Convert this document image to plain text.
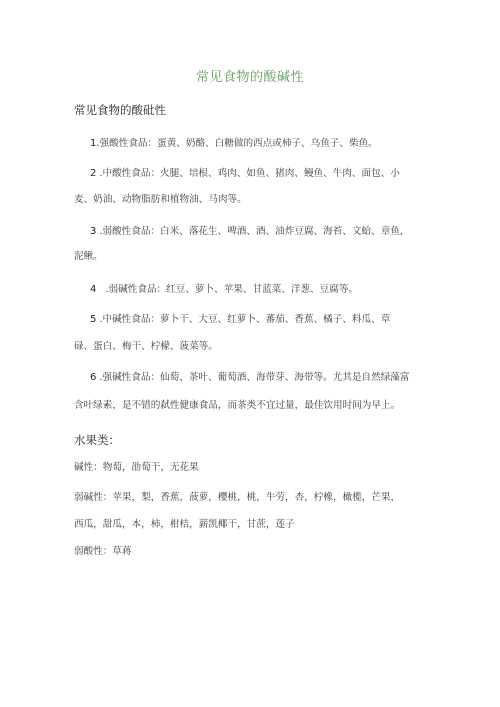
常见食物的酸碱性
常见食物的酸砒性
1.强酸性食品：蛋黄、奶酪、白糖做的西点或柿子、乌鱼子、柴鱼。
2 .中酸性食品：火腿、培根、鸡肉、如鱼、猪肉、鳗鱼、牛肉、面包、小
麦、奶油、动物脂肪和植物油、马肉等。
3 .弱酸性食品：白米、落花生、啤酒、酒、油炸豆腐、海苔、文蛤、章鱼，
泥鳅。
4 .弱碱性食品：红豆、萝卜、苹果、甘蓝菜、洋葱、豆腐等。
5 .中碱性食品：萝卜干、大豆、红萝卜、蕃茄、香蕉、橘子、料瓜、草
碌、蛋白、梅干、柠檬、菠菜等。
6 .强碱性食品：仙萄、茶叶、葡萄酒、海带芽、海带等。尤其是自然绿藻富
含叶绿素，是不错的弑性健康食品，而茶类不宜过量，最佳饮用时间为早上。
水果类：
碱性：物萄，劭萄干，无花果
弱碱性：苹果，梨，香蕉，菠萝，樱桃，桃，牛劳，杏，柠橡，橄榄，芒果，
西瓜，甜瓜，本，柿，柑桔，薪凯椰干，甘蔗，莲子
弱酸性：草蒋
